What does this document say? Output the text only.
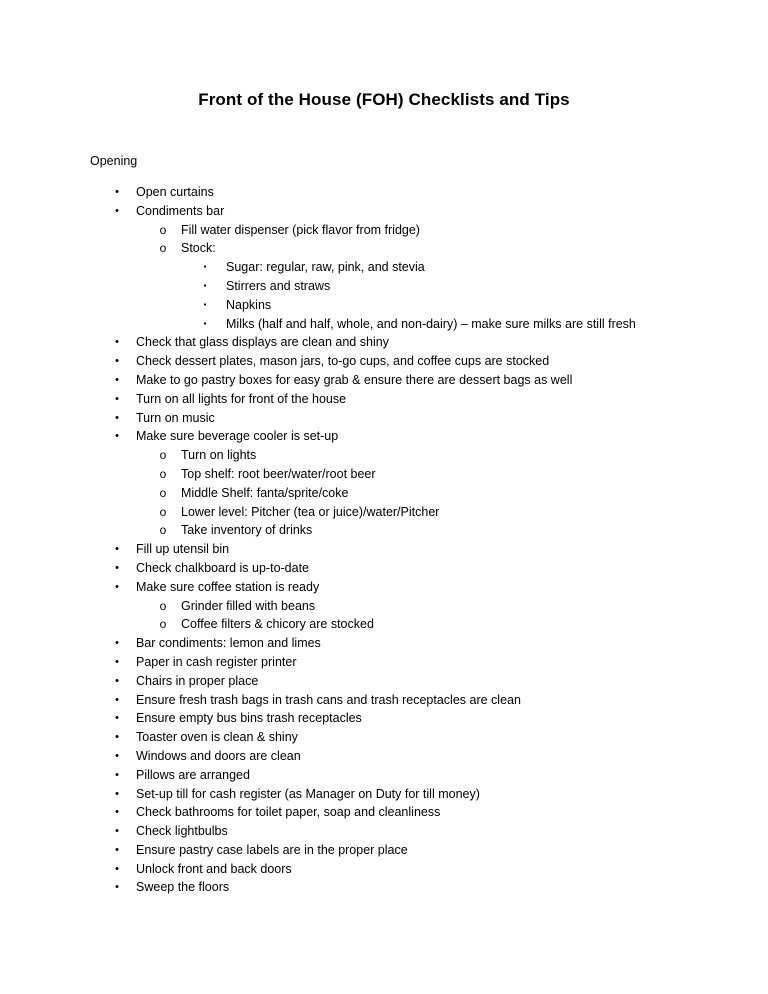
Front of the House (FOH) Checklists and Tips
Opening
•	Open curtains
•	Condiments bar
o Fill water dispenser (pick flavor from fridge)
o Stock:
▪	Sugar: regular, raw, pink, and stevia
▪	Stirrers and straws
▪	Napkins
▪	Milks (half and half, whole, and non-dairy) – make sure milks are still fresh
•	Check that glass displays are clean and shiny
•	Check dessert plates, mason jars, to-go cups, and coffee cups are stocked
•	Make to go pastry boxes for easy grab & ensure there are dessert bags as well
•	Turn on all lights for front of the house
•	Turn on music
•	Make sure beverage cooler is set-up
o Turn on lights
o Top shelf: root beer/water/root beer
o Middle Shelf: fanta/sprite/coke
o Lower level: Pitcher (tea or juice)/water/Pitcher
o Take inventory of drinks
•	Fill up utensil bin
•	Check chalkboard is up-to-date
•	Make sure coffee station is ready
o Grinder filled with beans
o Coffee filters & chicory are stocked
•	Bar condiments: lemon and limes
•	Paper in cash register printer
•	Chairs in proper place
•	Ensure fresh trash bags in trash cans and trash receptacles are clean
•	Ensure empty bus bins trash receptacles
•	Toaster oven is clean & shiny
•	Windows and doors are clean
•	Pillows are arranged
•	Set-up till for cash register (as Manager on Duty for till money)
•	Check bathrooms for toilet paper, soap and cleanliness
•	Check lightbulbs
•	Ensure pastry case labels are in the proper place
•	Unlock front and back doors
•	Sweep the floors
